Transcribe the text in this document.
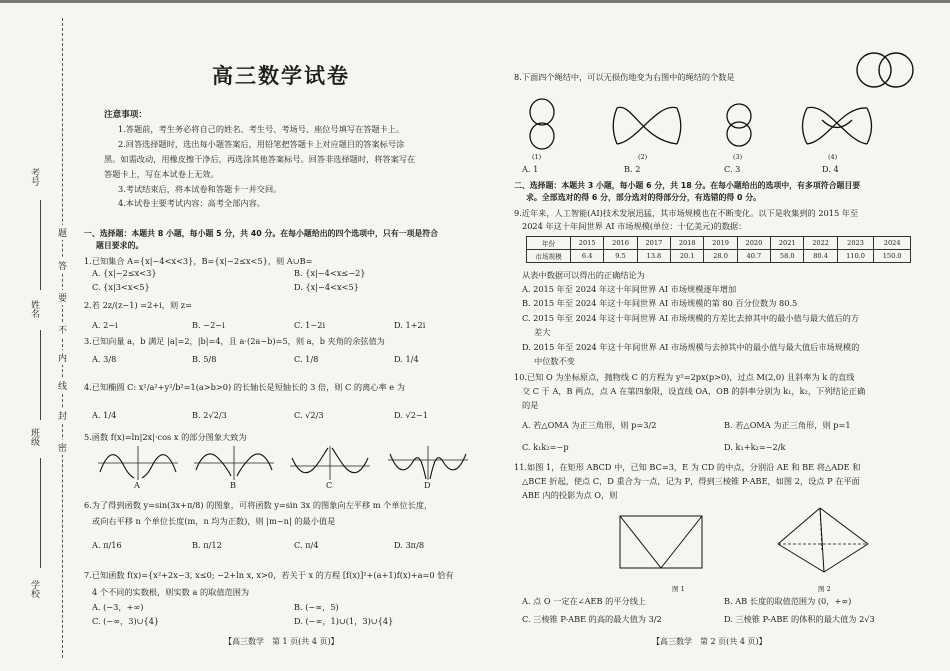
考号
姓名
班级
学校
题
答
要
不
内
线
封
密
高三数学试卷
注意事项：
1.答题前，考生务必将自己的姓名、考生号、考场号、座位号填写在答题卡上。
2.回答选择题时，选出每小题答案后，用铅笔把答题卡上对应题目的答案标号涂
黑。如需改动，用橡皮擦干净后，再选涂其他答案标号。回答非选择题时，将答案写在
答题卡上，写在本试卷上无效。
3.考试结束后，将本试卷和答题卡一并交回。
4.本试卷主要考试内容：高考全部内容。
一、选择题：本题共 8 小题，每小题 5 分，共 40 分。在每小题给出的四个选项中，只有一项是符合
题目要求的。
1.已知集合 A={x|−4<x<3}，B={x|−2≤x<5}，则 A∪B=
A. {x|−2≤x<3}	B. {x|−4<x≤−2}
C. {x|3<x<5}	D. {x|−4<x<5}
2.若 2z/(z−1) =2+i，则 z=
A. 2−i	B. −2−i	C. 1−2i	D. 1+2i
3.已知向量 a，b 满足 |a|=2，|b|=4，且 a·(2a−b)=5，则 a，b 夹角的余弦值为
A. 3/8	B. 5/8	C. 1/8	D. 1/4
4.已知椭圆 C: x²/a²+y²/b²=1(a>b>0) 的长轴长是短轴长的 3 倍，则 C 的离心率 e 为
A. 1/4	B. 2√2/3	C. √2/3	D. √2−1
5.函数 f(x)=ln|2x|·cos x 的部分图象大致为
A	B	C	D
6.为了得到函数 y=sin(3x+π/8) 的图象，可将函数 y=sin 3x 的图象向左平移 m 个单位长度，
或向右平移 n 个单位长度(m，n 均为正数)，则 |m−n| 的最小值是
A. π/16	B. π/12	C. π/4	D. 3π/8
7.已知函数 f(x)={x²+2x−3, x≤0; −2+ln x, x>0，若关于 x 的方程 [f(x)]²+(a+1)f(x)+a=0 恰有
4 个不同的实数根，则实数 a 的取值范围为
A. (−3，+∞)	B. (−∞，5)
C. (−∞，3)∪{4}	D. (−∞，1)∪(1，3)∪{4}
【高三数学　第 1 页(共 4 页)】
8.下面四个绳结中，可以无损伤地变为右图中的绳结的个数是
(1)	(2)	(3)	(4)
A. 1	B. 2	C. 3	D. 4
二、选择题：本题共 3 小题，每小题 6 分，共 18 分。在每小题给出的选项中，有多项符合题目要
求。全部选对的得 6 分，部分选对的得部分分，有选错的得 0 分。
9.近年来，人工智能(AI)技术发展迅猛，其市场规模也在不断变化。以下是收集到的 2015 年至
2024 年这十年间世界 AI 市场规模(单位：十亿美元)的数据：
年份	2015	2016	2017	2018	2019	2020	2021	2022	2023	2024
市场规模	6.4	9.5	13.8	20.1	28.0	40.7	58.0	80.4	110.0	150.0
从表中数据可以得出的正确结论为
A. 2015 年至 2024 年这十年间世界 AI 市场规模逐年增加
B. 2015 年至 2024 年这十年间世界 AI 市场规模的第 80 百分位数为 80.5
C. 2015 年至 2024 年这十年间世界 AI 市场规模的方差比去掉其中的最小值与最大值后的方
差大
D. 2015 年至 2024 年这十年间世界 AI 市场规模与去掉其中的最小值与最大值后市场规模的
中位数不变
10.已知 O 为坐标原点，抛物线 C 的方程为 y²=2px(p>0)，过点 M(2,0) 且斜率为 k 的直线
交 C 于 A，B 两点，点 A 在第四象限，设直线 OA，OB 的斜率分别为 k₁，k₂，下列结论正确
的是
A. 若△OMA 为正三角形，则 p=3/2	B. 若△OMA 为正三角形，则 p=1
C. k₁k₂=−p	D. k₁+k₂=−2/k
11.如图 1，在矩形 ABCD 中，已知 BC=3，E 为 CD 的中点，分别沿 AE 和 BE 将△ADE 和
△BCE 折起，使点 C，D 重合为一点，记为 P，得到三棱锥 P-ABE，如图 2，设点 P 在平面
ABE 内的投影为点 O，则
图 1	图 2
A. 点 O 一定在∠AEB 的平分线上	B. AB 长度的取值范围为 (0，+∞)
C. 三棱锥 P-ABE 的高的最大值为 3/2	D. 三棱锥 P-ABE 的体积的最大值为 2√3
【高三数学　第 2 页(共 4 页)】
